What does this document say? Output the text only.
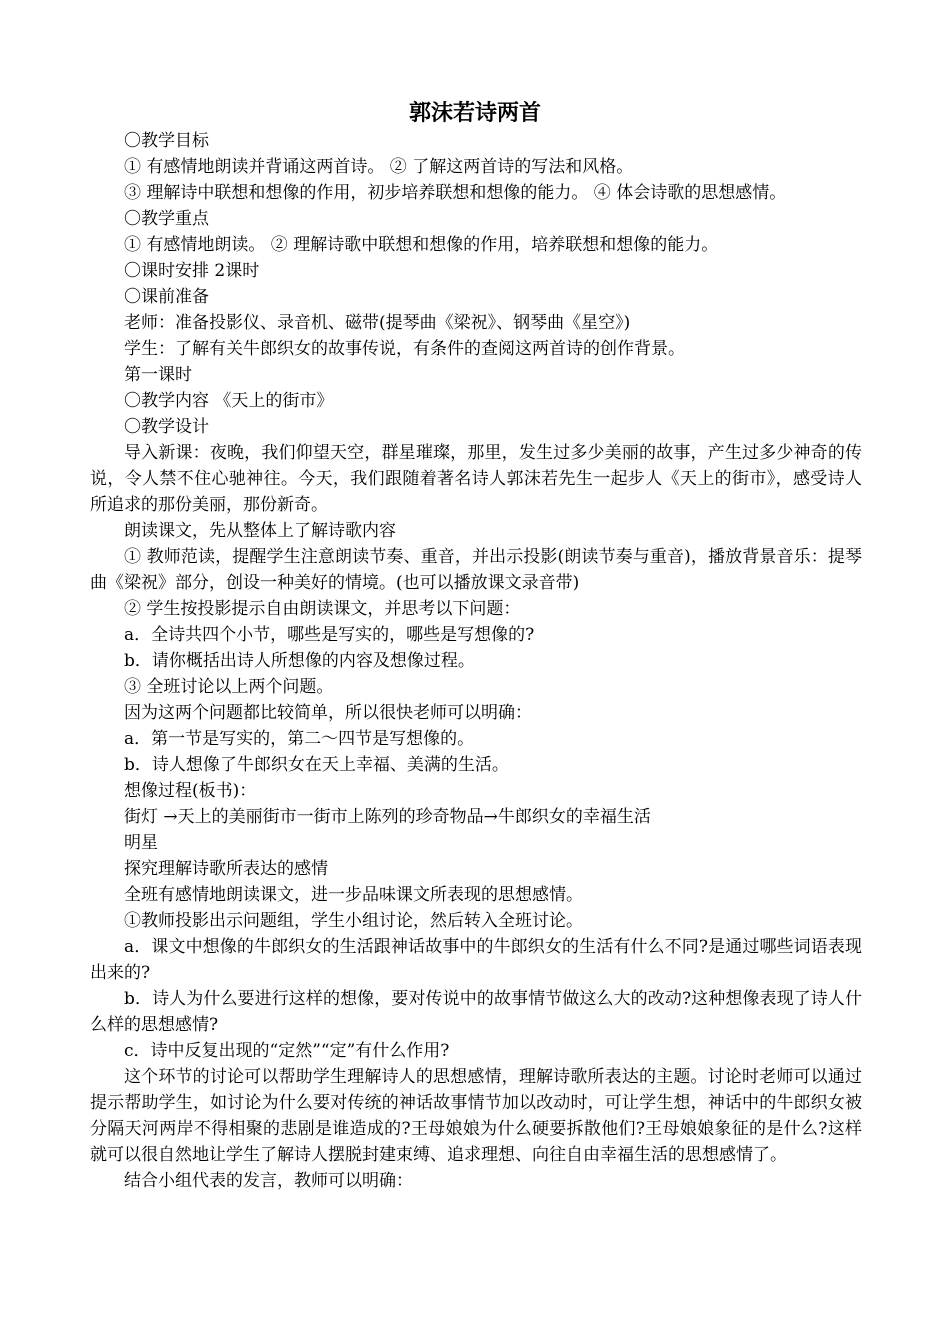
郭沫若诗两首

〇教学目标

① 有感情地朗读并背诵这两首诗。 ② 了解这两首诗的写法和风格。

③ 理解诗中联想和想像的作用，初步培养联想和想像的能力。 ④ 体会诗歌的思想感情。

〇教学重点

① 有感情地朗读。 ② 理解诗歌中联想和想像的作用，培养联想和想像的能力。

〇课时安排 2课时

〇课前准备

老师：准备投影仪、录音机、磁带(提琴曲《梁祝》、钢琴曲《星空》)

学生：了解有关牛郎织女的故事传说，有条件的查阅这两首诗的创作背景。

第一课时

〇教学内容 《天上的街市》

〇教学设计

导入新课：夜晚，我们仰望天空，群星璀璨，那里，发生过多少美丽的故事，产生过多少神奇的传说，令人禁不住心驰神往。今天，我们跟随着著名诗人郭沫若先生一起步人《天上的街市》，感受诗人所追求的那份美丽，那份新奇。

朗读课文，先从整体上了解诗歌内容

① 教师范读，提醒学生注意朗读节奏、重音，并出示投影(朗读节奏与重音)，播放背景音乐：提琴曲《梁祝》部分，创设一种美好的情境。(也可以播放课文录音带)

② 学生按投影提示自由朗读课文，并思考以下问题：

a．全诗共四个小节，哪些是写实的，哪些是写想像的?

b．请你概括出诗人所想像的内容及想像过程。

③ 全班讨论以上两个问题。

因为这两个问题都比较简单，所以很快老师可以明确：

a．第一节是写实的，第二～四节是写想像的。

b．诗人想像了牛郎织女在天上幸福、美满的生活。

想像过程(板书)：

街灯 →天上的美丽街市一街市上陈列的珍奇物品→牛郎织女的幸福生活

明星

探究理解诗歌所表达的感情

全班有感情地朗读课文，进一步品味课文所表现的思想感情。

①教师投影出示问题组，学生小组讨论，然后转入全班讨论。

a．课文中想像的牛郎织女的生活跟神话故事中的牛郎织女的生活有什么不同?是通过哪些词语表现出来的?

b．诗人为什么要进行这样的想像，要对传说中的故事情节做这么大的改动?这种想像表现了诗人什么样的思想感情?

c．诗中反复出现的“定然”“定”有什么作用?

这个环节的讨论可以帮助学生理解诗人的思想感情，理解诗歌所表达的主题。讨论时老师可以通过提示帮助学生，如讨论为什么要对传统的神话故事情节加以改动时，可让学生想，神话中的牛郎织女被分隔天河两岸不得相聚的悲剧是谁造成的?王母娘娘为什么硬要拆散他们?王母娘娘象征的是什么?这样就可以很自然地让学生了解诗人摆脱封建束缚、追求理想、向往自由幸福生活的思想感情了。

结合小组代表的发言，教师可以明确：
